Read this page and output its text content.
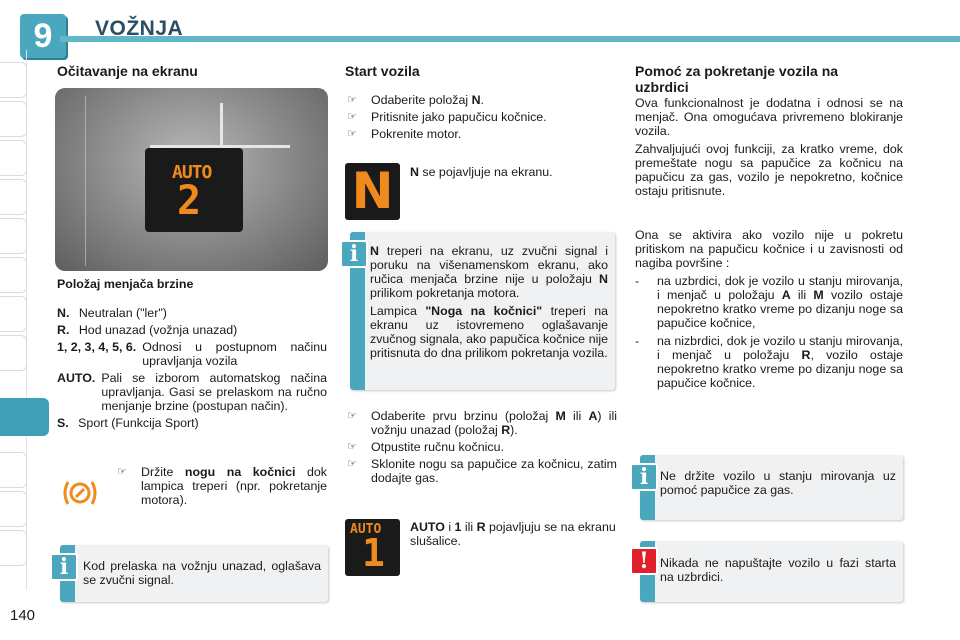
9	VOŽNJA
140
Očitavanje na ekranu
AUTO
2
Položaj menjača brzine
N. Neutralan ("ler")
R. Hod unazad (vožnja unazad)
1, 2, 3, 4, 5, 6. Odnosi u postupnom načinu upravljanja vozila
AUTO. Pali se izborom automatskog načina upravljanja. Gasi se prelaskom na ručno menjanje brzine (postupan način).
S. Sport (Funkcija Sport)
☞ Držite nogu na kočnici dok lampica treperi (npr. pokretanje motora).
Kod prelaska na vožnju unazad, oglašava se zvučni signal.
i
Start vozila
☞ Odaberite položaj N.
☞ Pritisnite jako papučicu kočnice.
☞ Pokrenite motor.
N	N se pojavljuje na ekranu.
N treperi na ekranu, uz zvučni signal i poruku na višenamenskom ekranu, ako ručica menjača brzine nije u položaju N prilikom pokretanja motora.
Lampica "Noga na kočnici" treperi na ekranu uz istovremeno oglašavanje zvučnog signala, ako papučica kočnice nije pritisnuta do dna prilikom pokretanja vozila.
i
☞ Odaberite prvu brzinu (položaj M ili A) ili vožnju unazad (položaj R).
☞ Otpustite ručnu kočnicu.
☞ Sklonite nogu sa papučice za kočnicu, zatim dodajte gas.
AUTO
1
AUTO i 1 ili R pojavljuju se na ekranu slušalice.
Pomoć za pokretanje vozila na uzbrdici
Ova funkcionalnost je dodatna i odnosi se na menjač. Ona omogućava privremeno blokiranje vozila.
Zahvaljujući ovoj funkciji, za kratko vreme, dok premeštate nogu sa papučice za kočnicu na papučicu za gas, vozilo je nepokretno, kočnice ostaju pritisnute.
Ona se aktivira ako vozilo nije u pokretu pritiskom na papučicu kočnice i u zavisnosti od nagiba površine :
-	na uzbrdici, dok je vozilo u stanju mirovanja, i menjač u položaju A ili M vozilo ostaje nepokretno kratko vreme po dizanju noge sa papučice kočnice,
-	na nizbrdici, dok je vozilo u stanju mirovanja, i menjač u položaju R, vozilo ostaje nepokretno kratko vreme po dizanju noge sa papučice kočnice.
Ne držite vozilo u stanju mirovanja uz pomoć papučice za gas.
i
Nikada ne napuštajte vozilo u fazi starta na uzbrdici.
!
